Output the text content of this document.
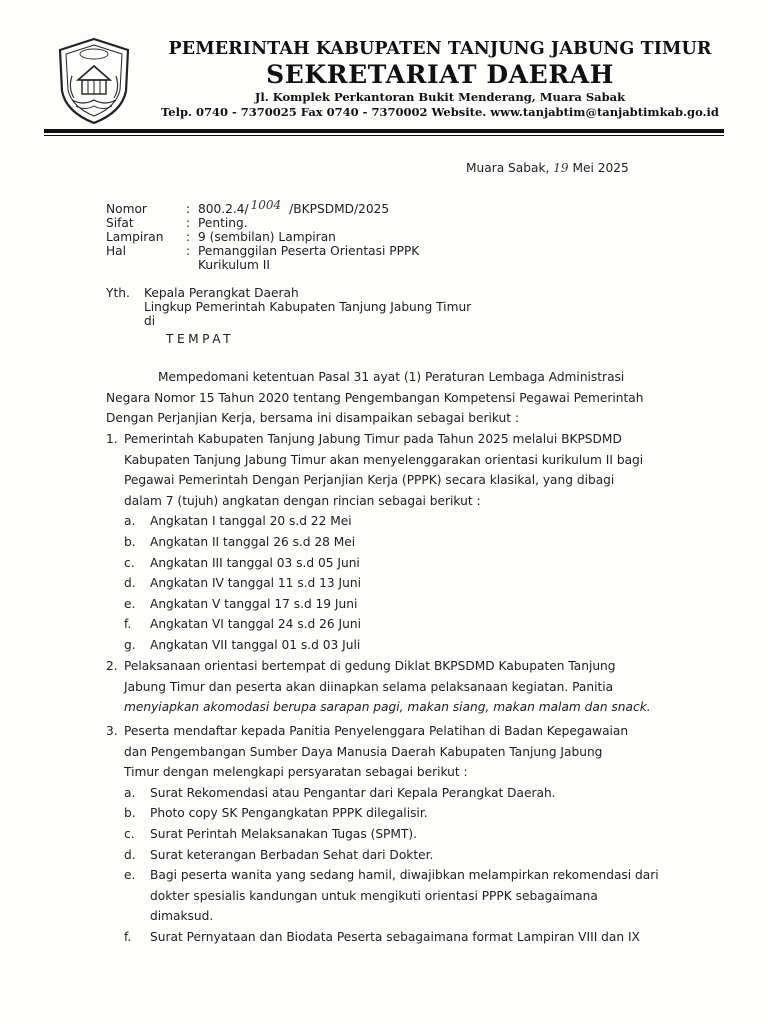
PEMERINTAH KABUPATEN TANJUNG JABUNG TIMUR
SEKRETARIAT DAERAH
Jl. Komplek Perkantoran Bukit Menderang, Muara Sabak
Telp. 0740 - 7370025 Fax 0740 - 7370002 Website. www.tanjabtim@tanjabtimkab.go.id
Muara Sabak, 19 Mei 2025
Nomor	: 800.2.4/ 1004 /BKPSDMD/2025
Sifat	: Penting.
Lampiran	: 9 (sembilan) Lampiran
Hal	: Pemanggilan Peserta Orientasi PPPK
Kurikulum II
Yth.	Kepala Perangkat Daerah
Lingkup Pemerintah Kabupaten Tanjung Jabung Timur
di
TEMPAT
Mempedomani ketentuan Pasal 31 ayat (1) Peraturan Lembaga Administrasi
Negara Nomor 15 Tahun 2020 tentang Pengembangan Kompetensi Pegawai Pemerintah
Dengan Perjanjian Kerja, bersama ini disampaikan sebagai berikut :
1. Pemerintah Kabupaten Tanjung Jabung Timur pada Tahun 2025 melalui BKPSDMD
Kabupaten Tanjung Jabung Timur akan menyelenggarakan orientasi kurikulum II bagi
Pegawai Pemerintah Dengan Perjanjian Kerja (PPPK) secara klasikal, yang dibagi
dalam 7 (tujuh) angkatan dengan rincian sebagai berikut :
a.	Angkatan I tanggal 20 s.d 22 Mei
b.	Angkatan II tanggal 26 s.d 28 Mei
c.	Angkatan III tanggal 03 s.d 05 Juni
d.	Angkatan IV tanggal 11 s.d 13 Juni
e.	Angkatan V tanggal 17 s.d 19 Juni
f.	Angkatan VI tanggal 24 s.d 26 Juni
g.	Angkatan VII tanggal 01 s.d 03 Juli
2. Pelaksanaan orientasi bertempat di gedung Diklat BKPSDMD Kabupaten Tanjung
Jabung Timur dan peserta akan diinapkan selama pelaksanaan kegiatan. Panitia
menyiapkan akomodasi berupa sarapan pagi, makan siang, makan malam dan snack.
3. Peserta mendaftar kepada Panitia Penyelenggara Pelatihan di Badan Kepegawaian
dan Pengembangan Sumber Daya Manusia Daerah Kabupaten Tanjung Jabung
Timur dengan melengkapi persyaratan sebagai berikut :
a.	Surat Rekomendasi atau Pengantar dari Kepala Perangkat Daerah.
b.	Photo copy SK Pengangkatan PPPK dilegalisir.
c.	Surat Perintah Melaksanakan Tugas (SPMT).
d.	Surat keterangan Berbadan Sehat dari Dokter.
e.	Bagi peserta wanita yang sedang hamil, diwajibkan melampirkan rekomendasi dari
dokter spesialis kandungan untuk mengikuti orientasi PPPK sebagaimana
dimaksud.
f.	Surat Pernyataan dan Biodata Peserta sebagaimana format Lampiran VIII dan IX
